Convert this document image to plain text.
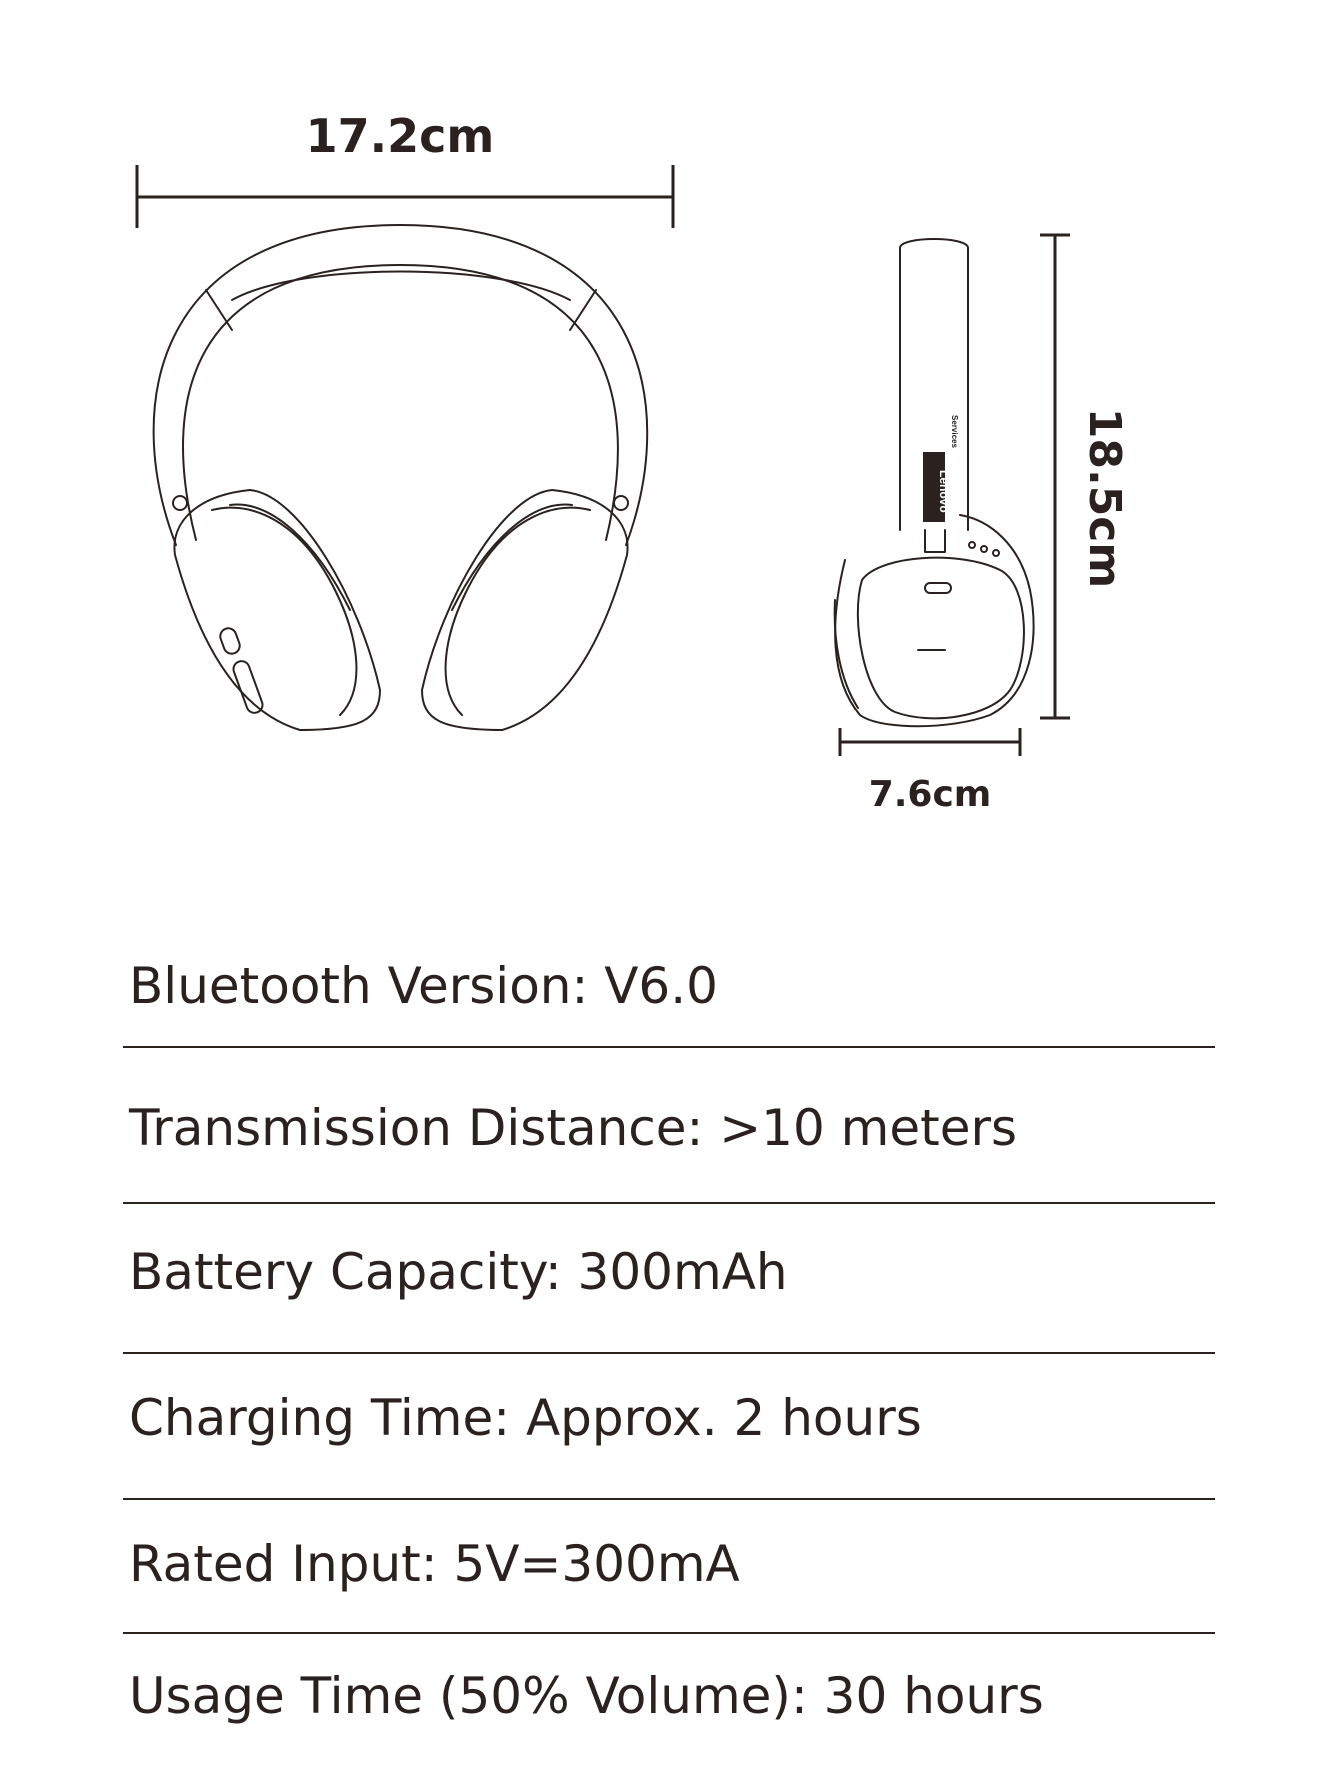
17.2cm
Lenovo
Services	18.5cm
7.6cm
Bluetooth Version: V6.0
Transmission Distance: >10 meters
Battery Capacity: 300mAh
Charging Time: Approx. 2 hours
Rated Input: 5V=300mA
Usage Time (50% Volume): 30 hours
